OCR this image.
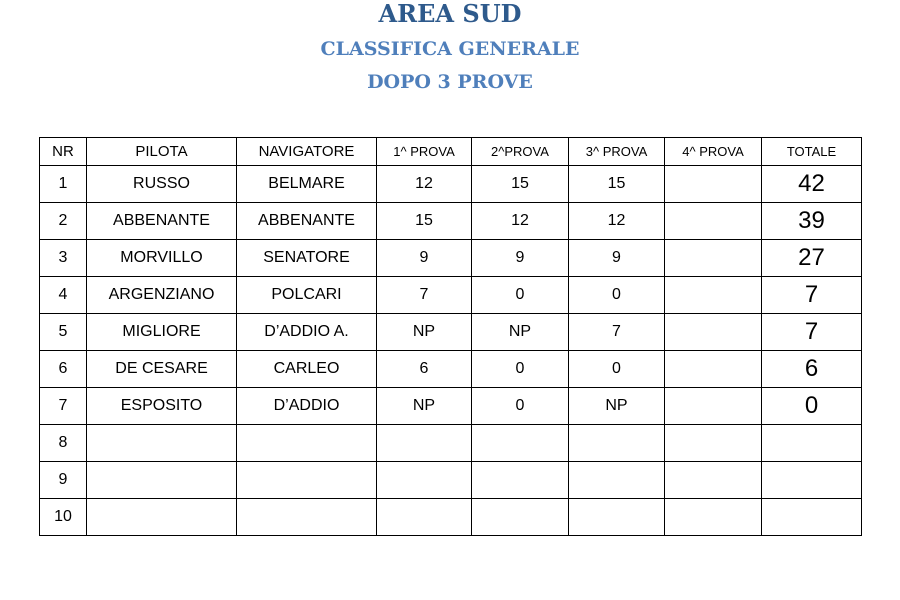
AREA SUD
CLASSIFICA GENERALE
DOPO 3 PROVE
NR	PILOTA	NAVIGATORE	1^ PROVA	2^PROVA	3^ PROVA	4^ PROVA	TOTALE
1	RUSSO	BELMARE	12	15	15		42
2	ABBENANTE	ABBENANTE	15	12	12		39
3	MORVILLO	SENATORE	9	9	9		27
4	ARGENZIANO	POLCARI	7	0	0		7
5	MIGLIORE	D’ADDIO A.	NP	NP	7		7
6	DE CESARE	CARLEO	6	0	0		6
7	ESPOSITO	D’ADDIO	NP	0	NP		0
8							
9							
10							
